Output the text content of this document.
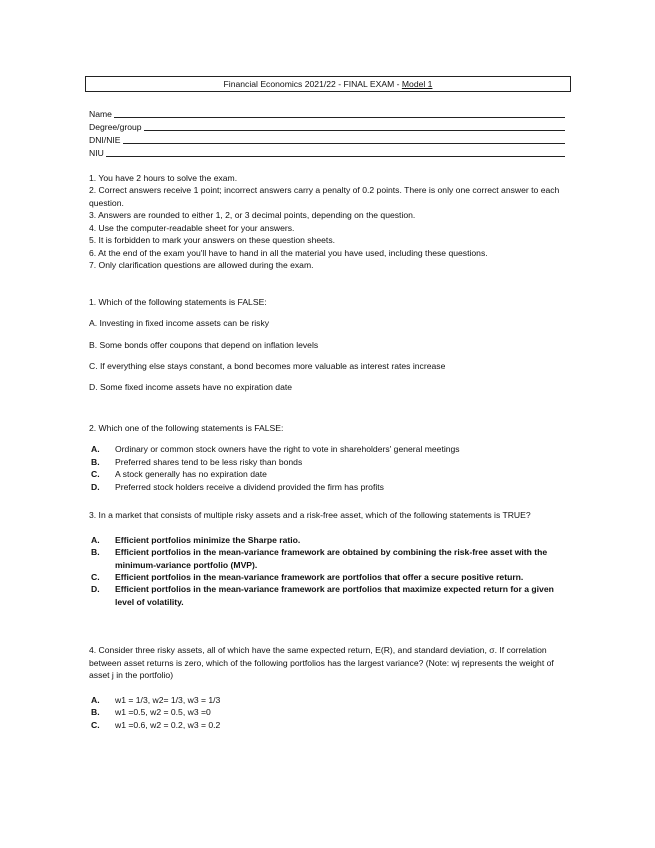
Financial Economics 2021/22 - FINAL EXAM - Model 1
Name
Degree/group
DNI/NIE
NIU

1. You have 2 hours to solve the exam.

2. Correct answers receive 1 point; incorrect answers carry a penalty of 0.2 points. There is only one correct answer to each question.

3. Answers are rounded to either 1, 2, or 3 decimal points, depending on the question.

4. Use the computer-readable sheet for your answers.

5. It is forbidden to mark your answers on these question sheets.

6. At the end of the exam you'll have to hand in all the material you have used, including these questions.

7. Only clarification questions are allowed during the exam.

1. Which of the following statements is FALSE:

A. Investing in fixed income assets can be risky

B. Some bonds offer coupons that depend on inflation levels

C. If everything else stays constant, a bond becomes more valuable as interest rates increase

D. Some fixed income assets have no expiration date

2. Which one of the following statements is FALSE:

A.	Ordinary or common stock owners have the right to vote in shareholders' general meetings
B.	Preferred shares tend to be less risky than bonds
C.	A stock generally has no expiration date
D.	Preferred stock holders receive a dividend provided the firm has profits

3. In a market that consists of multiple risky assets and a risk-free asset, which of the following statements is TRUE?

A.	Efficient portfolios minimize the Sharpe ratio.
B.	Efficient portfolios in the mean-variance framework are obtained by combining the risk-free asset with the minimum-variance portfolio (MVP).
C.	Efficient portfolios in the mean-variance framework are portfolios that offer a secure positive return.
D.	Efficient portfolios in the mean-variance framework are portfolios that maximize expected return for a given level of volatility.

4. Consider three risky assets, all of which have the same expected return, E(R), and standard deviation, σ. If correlation between asset returns is zero, which of the following portfolios has the largest variance? (Note: wj represents the weight of asset j in the portfolio)

A.	w1 = 1/3, w2= 1/3, w3 = 1/3
B.	w1 =0.5, w2 = 0.5, w3 =0
C.	w1 =0.6, w2 = 0.2, w3 = 0.2
